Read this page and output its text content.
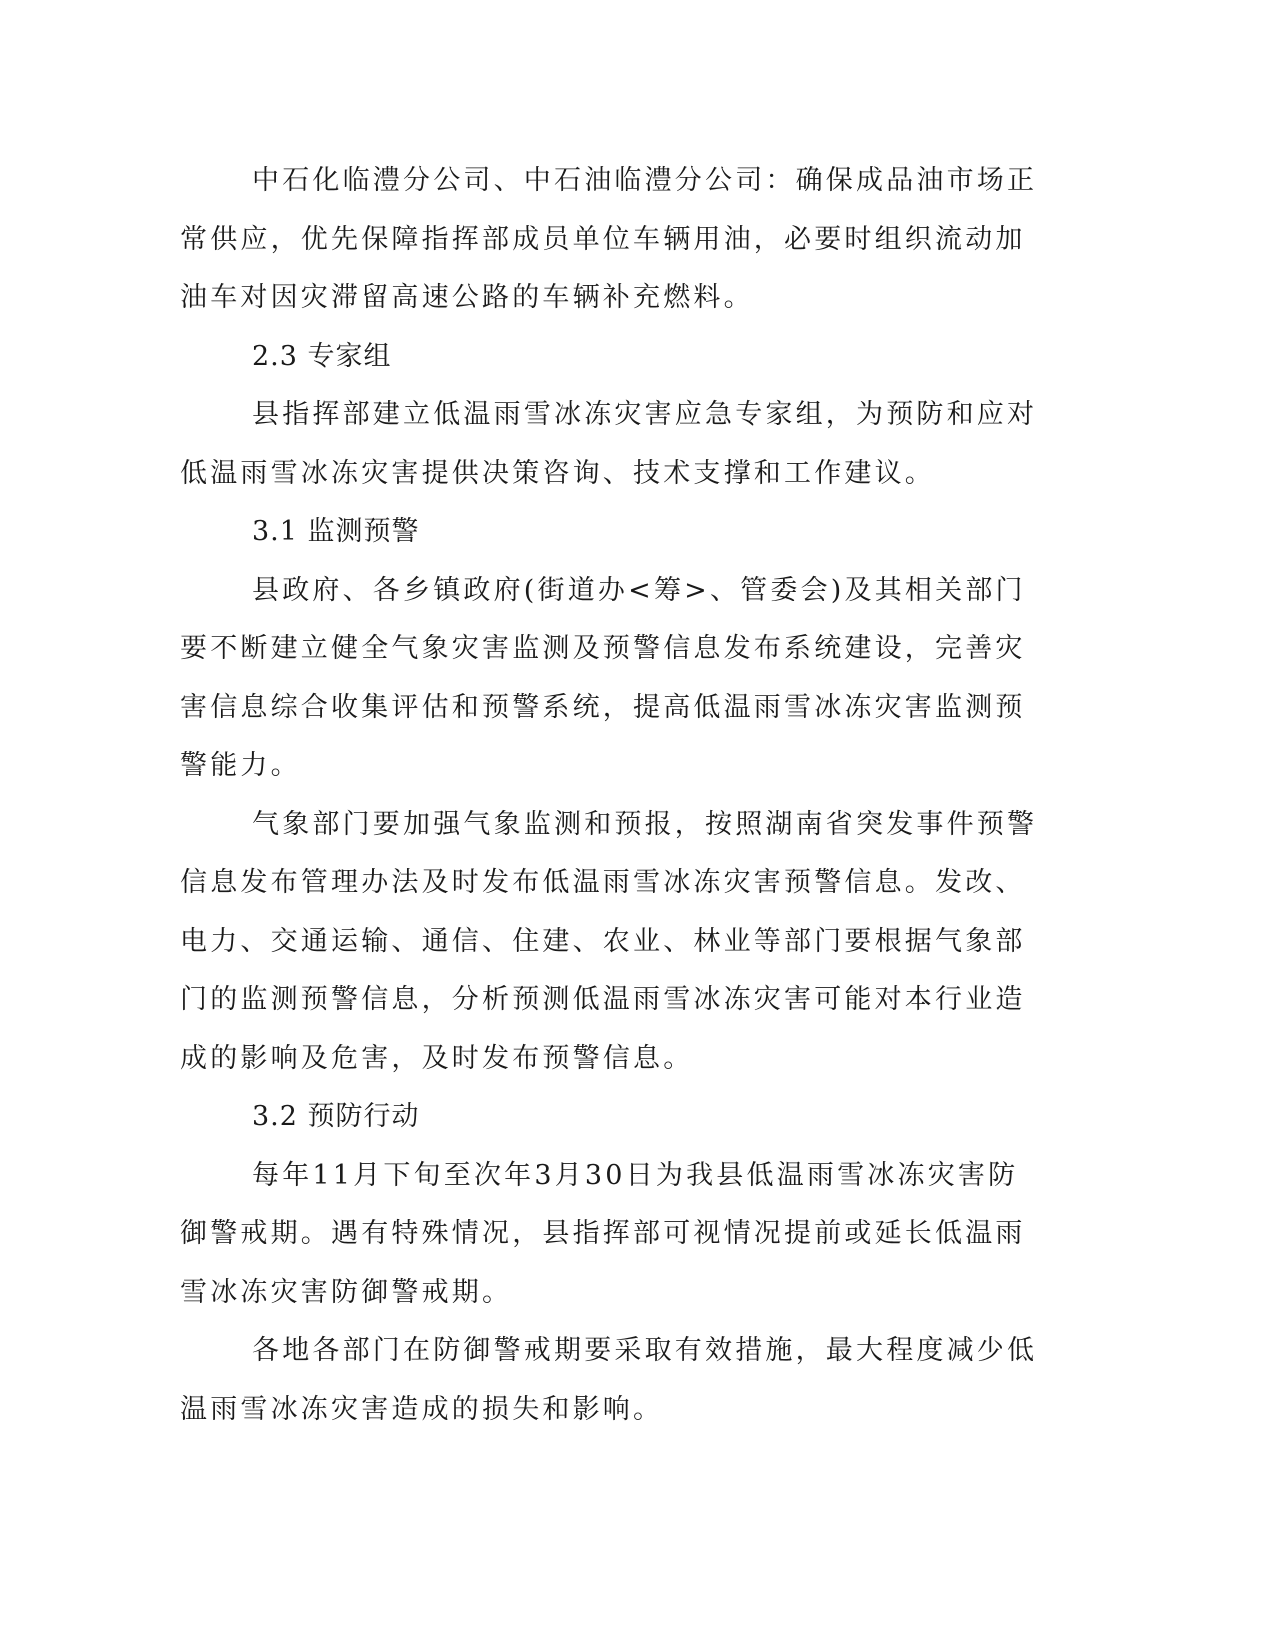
中石化临澧分公司、中石油临澧分公司：确保成品油市场正常供应，优先保障指挥部成员单位车辆用油，必要时组织流动加油车对因灾滞留高速公路的车辆补充燃料。

2.3 专家组

县指挥部建立低温雨雪冰冻灾害应急专家组，为预防和应对低温雨雪冰冻灾害提供决策咨询、技术支撑和工作建议。

3.1 监测预警

县政府、各乡镇政府(街道办<筹>、管委会)及其相关部门要不断建立健全气象灾害监测及预警信息发布系统建设，完善灾害信息综合收集评估和预警系统，提高低温雨雪冰冻灾害监测预警能力。

气象部门要加强气象监测和预报，按照湖南省突发事件预警信息发布管理办法及时发布低温雨雪冰冻灾害预警信息。发改、电力、交通运输、通信、住建、农业、林业等部门要根据气象部门的监测预警信息，分析预测低温雨雪冰冻灾害可能对本行业造成的影响及危害，及时发布预警信息。

3.2 预防行动

每年11月下旬至次年3月30日为我县低温雨雪冰冻灾害防御警戒期。遇有特殊情况，县指挥部可视情况提前或延长低温雨雪冰冻灾害防御警戒期。

各地各部门在防御警戒期要采取有效措施，最大程度减少低温雨雪冰冻灾害造成的损失和影响。
